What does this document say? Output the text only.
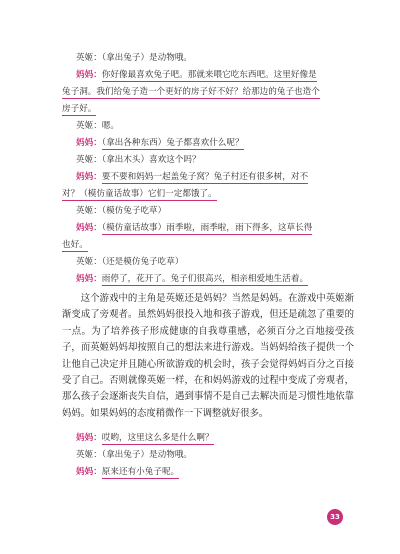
英姬：（拿出兔子）是动物哦。
妈妈：你好像最喜欢兔子吧。那就来喂它吃东西吧。这里好像是
兔子洞。我们给兔子造一个更好的房子好不好？给那边的兔子也造个
房子好。
英姬：嗯。
妈妈：（拿出各种东西）兔子都喜欢什么呢？
英姬：（拿出木头）喜欢这个吗？
妈妈：要不要和妈妈一起盖兔子窝？兔子村还有很多树，对不
对？（模仿童话故事）它们一定都饿了。
英姬：（模仿兔子吃草）
妈妈：（模仿童话故事）雨季啦，雨季啦，雨下得多，这草长得
也好。
英姬：（还是模仿兔子吃草）
妈妈：雨停了，花开了。兔子们很高兴，相亲相爱地生活着。

这个游戏中的主角是英姬还是妈妈？当然是妈妈。在游戏中英姬渐渐变成了旁观者。虽然妈妈很投入地和孩子游戏，但还是疏忽了重要的一点。为了培养孩子形成健康的自我尊重感，必须百分之百地接受孩子，而英姬妈妈却按照自己的想法来进行游戏。当妈妈给孩子提供一个让他自己决定并且随心所欲游戏的机会时，孩子会觉得妈妈百分之百接受了自己。否则就像英姬一样，在和妈妈游戏的过程中变成了旁观者，那么孩子会逐渐丧失自信，遇到事情不是自己去解决而是习惯性地依靠妈妈。如果妈妈的态度稍微作一下调整就好很多。

妈妈：哎哟，这里这么多是什么啊？
英姬：（拿出兔子）是动物哦。
妈妈：原来还有小兔子呢。
33
